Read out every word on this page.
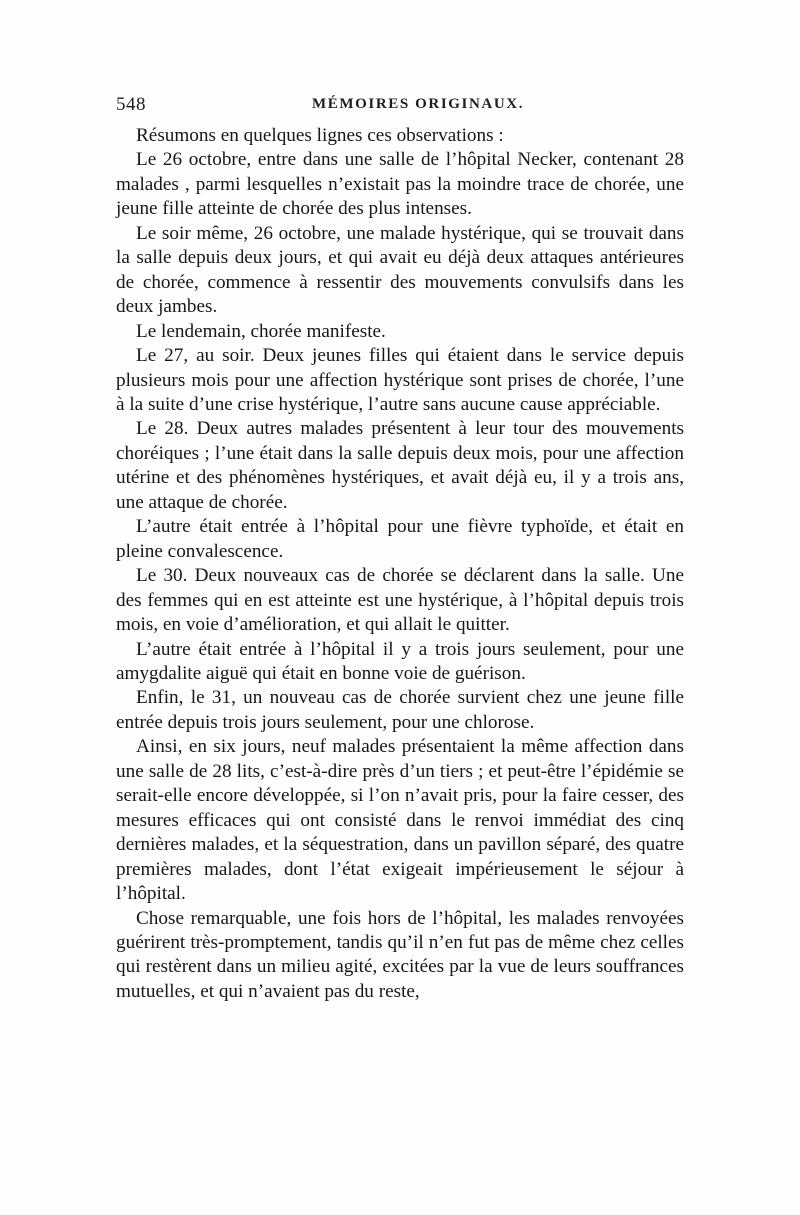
548	MÉMOIRES ORIGINAUX.

Résumons en quelques lignes ces observations :

Le 26 octobre, entre dans une salle de l’hôpital Necker, contenant 28 malades , parmi lesquelles n’existait pas la moindre trace de chorée, une jeune fille atteinte de chorée des plus intenses.

Le soir même, 26 octobre, une malade hystérique, qui se trouvait dans la salle depuis deux jours, et qui avait eu déjà deux attaques antérieures de chorée, commence à ressentir des mouvements convulsifs dans les deux jambes.

Le lendemain, chorée manifeste.

Le 27, au soir. Deux jeunes filles qui étaient dans le service depuis plusieurs mois pour une affection hystérique sont prises de chorée, l’une à la suite d’une crise hystérique, l’autre sans aucune cause appréciable.

Le 28. Deux autres malades présentent à leur tour des mouvements choréiques ; l’une était dans la salle depuis deux mois, pour une affection utérine et des phénomènes hystériques, et avait déjà eu, il y a trois ans, une attaque de chorée.

L’autre était entrée à l’hôpital pour une fièvre typhoïde, et était en pleine convalescence.

Le 30. Deux nouveaux cas de chorée se déclarent dans la salle. Une des femmes qui en est atteinte est une hystérique, à l’hôpital depuis trois mois, en voie d’amélioration, et qui allait le quitter.

L’autre était entrée à l’hôpital il y a trois jours seulement, pour une amygdalite aiguë qui était en bonne voie de guérison.

Enfin, le 31, un nouveau cas de chorée survient chez une jeune fille entrée depuis trois jours seulement, pour une chlorose.

Ainsi, en six jours, neuf malades présentaient la même affection dans une salle de 28 lits, c’est-à-dire près d’un tiers ; et peut-être l’épidémie se serait-elle encore développée, si l’on n’avait pris, pour la faire cesser, des mesures efficaces qui ont consisté dans le renvoi immédiat des cinq dernières malades, et la séquestration, dans un pavillon séparé, des quatre premières malades, dont l’état exigeait impérieusement le séjour à l’hôpital.

Chose remarquable, une fois hors de l’hôpital, les malades renvoyées guérirent très-promptement, tandis qu’il n’en fut pas de même chez celles qui restèrent dans un milieu agité, excitées par la vue de leurs souffrances mutuelles, et qui n’avaient pas du reste,
